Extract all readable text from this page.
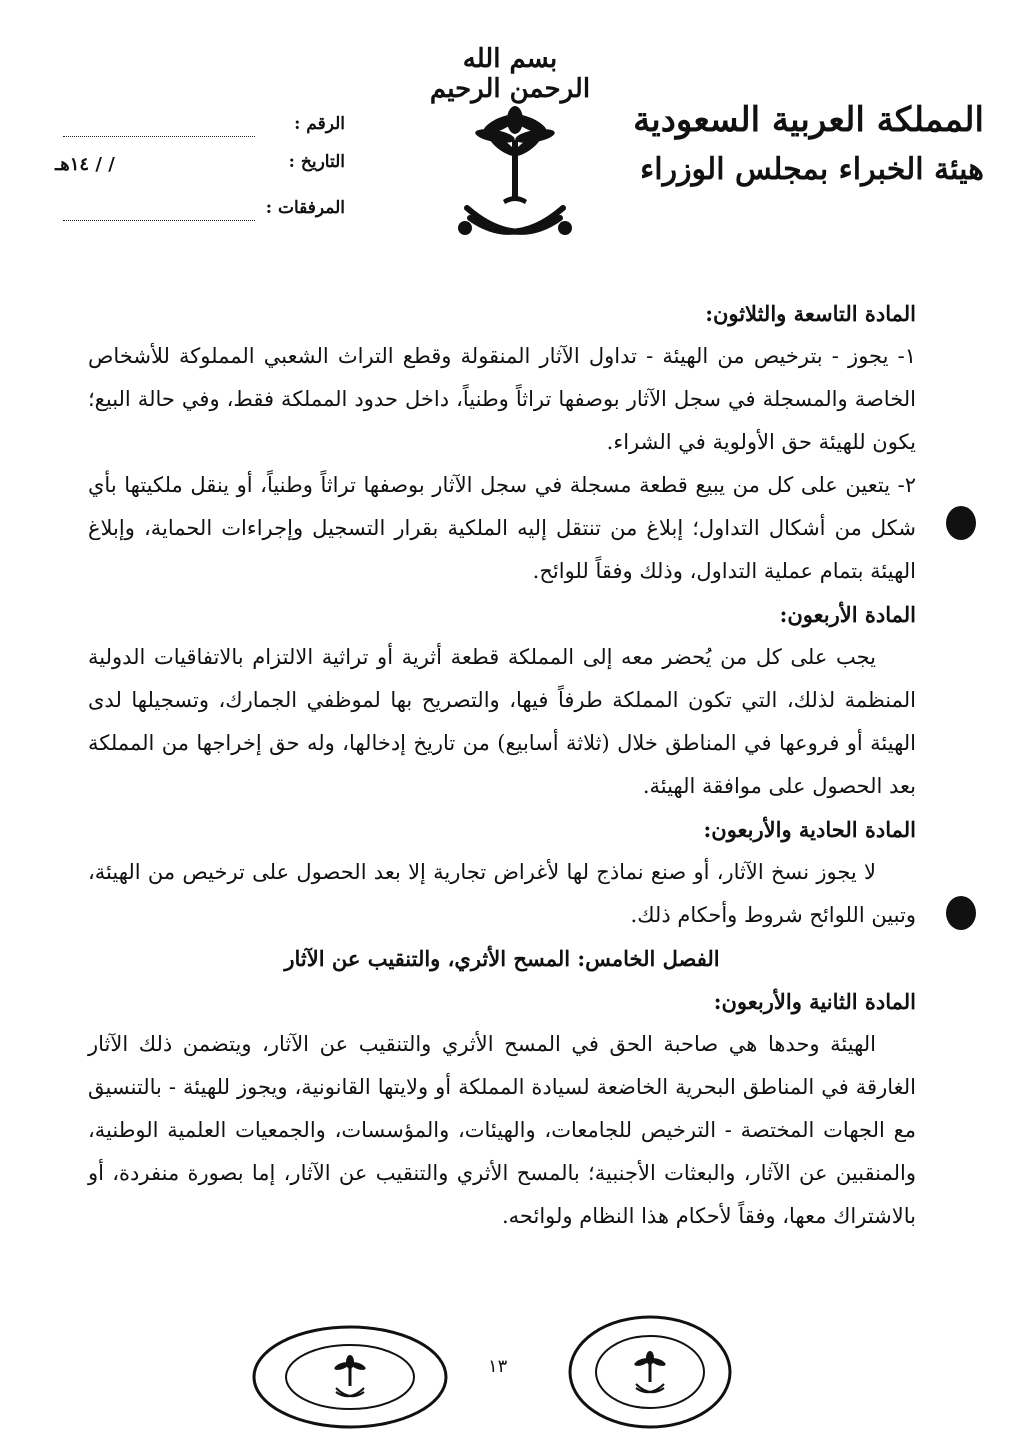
بسم الله الرحمن الرحيم
المملكة العربية السعودية
هيئة الخبراء بمجلس الوزراء
الرقم :
التاريخ :
/ / ١٤هـ
المرفقات :

المادة التاسعة والثلاثون:

١- يجوز - بترخيص من الهيئة - تداول الآثار المنقولة وقطع التراث الشعبي المملوكة للأشخاص الخاصة والمسجلة في سجل الآثار بوصفها تراثاً وطنياً، داخل حدود المملكة فقط، وفي حالة البيع؛ يكون للهيئة حق الأولوية في الشراء.

٢- يتعين على كل من يبيع قطعة مسجلة في سجل الآثار بوصفها تراثاً وطنياً، أو ينقل ملكيتها بأي شكل من أشكال التداول؛ إبلاغ من تنتقل إليه الملكية بقرار التسجيل وإجراءات الحماية، وإبلاغ الهيئة بتمام عملية التداول، وذلك وفقاً للوائح.

المادة الأربعون:

يجب على كل من يُحضر معه إلى المملكة قطعة أثرية أو تراثية الالتزام بالاتفاقيات الدولية المنظمة لذلك، التي تكون المملكة طرفاً فيها، والتصريح بها لموظفي الجمارك، وتسجيلها لدى الهيئة أو فروعها في المناطق خلال (ثلاثة أسابيع) من تاريخ إدخالها، وله حق إخراجها من المملكة بعد الحصول على موافقة الهيئة.

المادة الحادية والأربعون:

لا يجوز نسخ الآثار، أو صنع نماذج لها لأغراض تجارية إلا بعد الحصول على ترخيص من الهيئة، وتبين اللوائح شروط وأحكام ذلك.

الفصل الخامس: المسح الأثري، والتنقيب عن الآثار

المادة الثانية والأربعون:

الهيئة وحدها هي صاحبة الحق في المسح الأثري والتنقيب عن الآثار، ويتضمن ذلك الآثار الغارقة في المناطق البحرية الخاضعة لسيادة المملكة أو ولايتها القانونية، ويجوز للهيئة - بالتنسيق مع الجهات المختصة - الترخيص للجامعات، والهيئات، والمؤسسات، والجمعيات العلمية الوطنية، والمنقبين عن الآثار، والبعثات الأجنبية؛ بالمسح الأثري والتنقيب عن الآثار، إما بصورة منفردة، أو بالاشتراك معها، وفقاً لأحكام هذا النظام ولوائحه.

١٣
